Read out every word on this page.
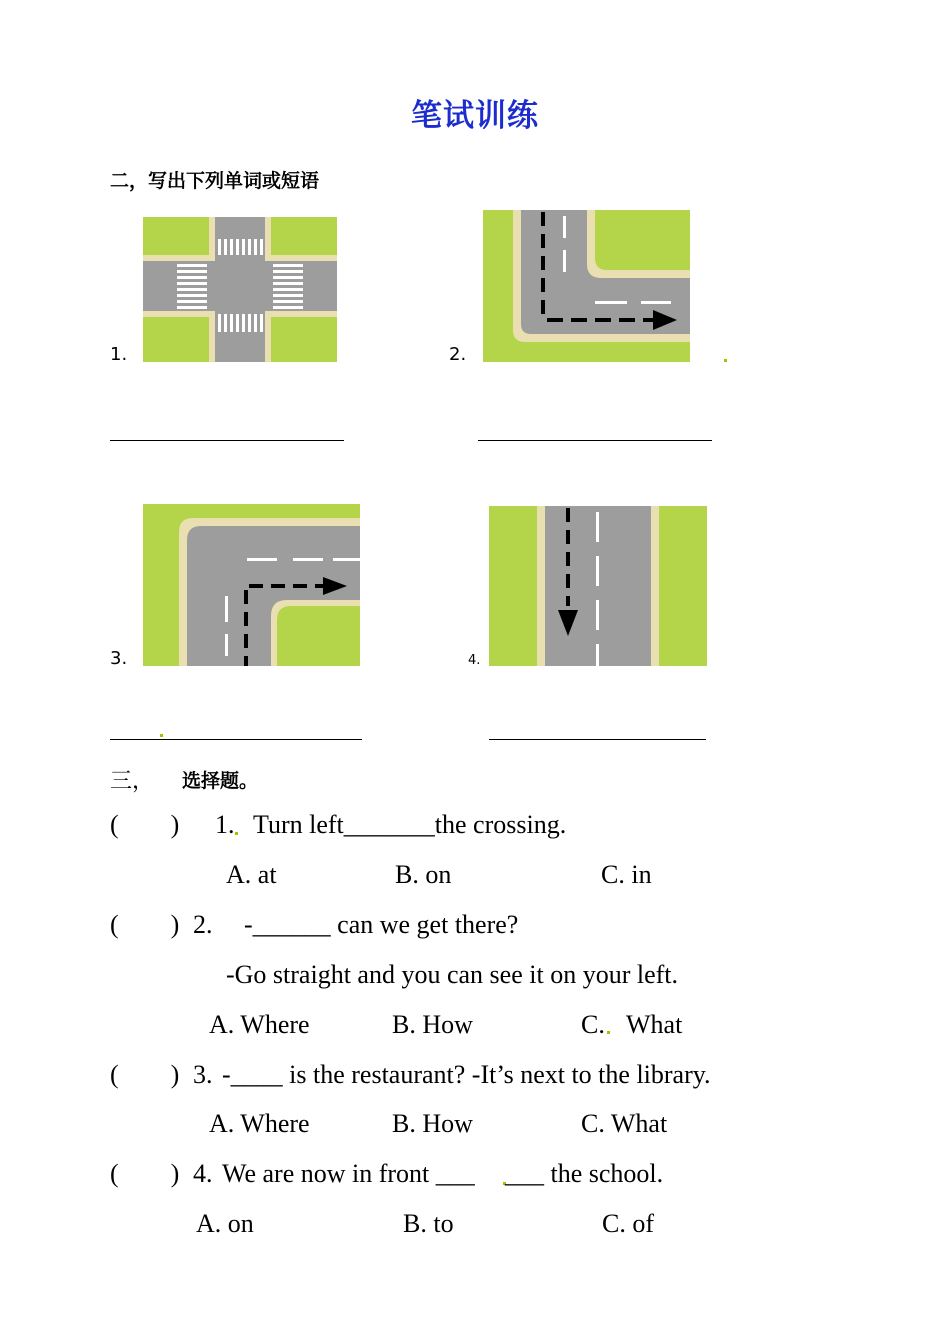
笔试训练
二，写出下列单词或短语
1.	2.
3.	4.
三， 选择题。
(        ) 1. Turn left_______the crossing.
A. at	B. on	C. in
(        ) 2. -______ can we get there?
-Go straight and you can see it on your left.
A. Where	B. How	C. What
(        ) 3. -____ is the restaurant? -It’s next to the library.
A. Where	B. How	C. What
(        ) 4. We are now in front ___ ___ the school.
A. on	B. to	C. of
